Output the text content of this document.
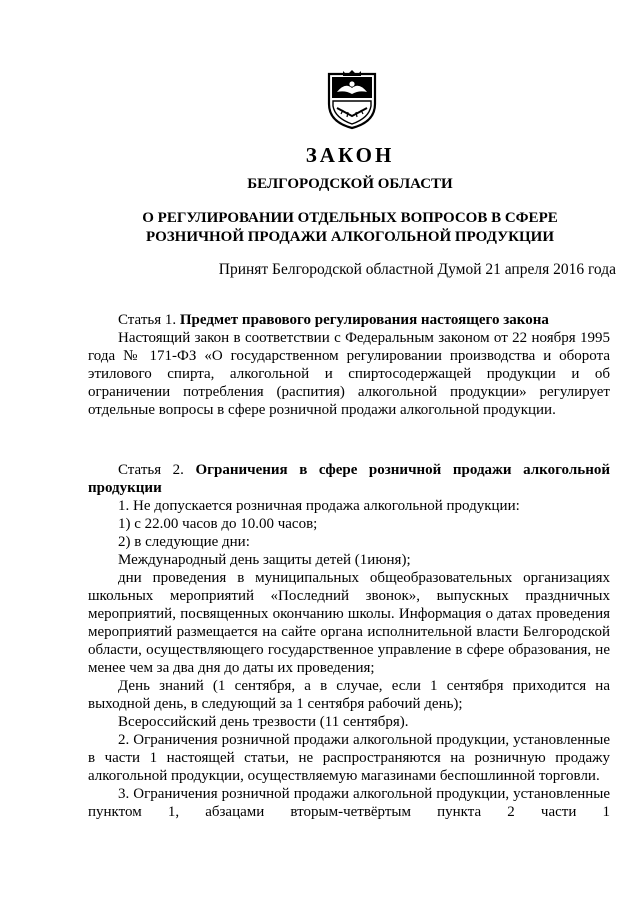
ЗАКОН
БЕЛГОРОДСКОЙ ОБЛАСТИ
О РЕГУЛИРОВАНИИ ОТДЕЛЬНЫХ ВОПРОСОВ В СФЕРЕ
РОЗНИЧНОЙ ПРОДАЖИ АЛКОГОЛЬНОЙ ПРОДУКЦИИ
Принят Белгородской областной Думой 21 апреля 2016 года
Статья 1. Предмет правового регулирования настоящего закона
Настоящий закон в соответствии с Федеральным законом от 22 ноября 1995 года № 171-ФЗ «О государственном регулировании производства и оборота этилового спирта, алкогольной и спиртосодержащей продукции и об ограничении потребления (распития) алкогольной продукции» регулирует отдельные вопросы в сфере розничной продажи алкогольной продукции.
Статья 2. Ограничения в сфере розничной продажи алкогольной продукции
1. Не допускается розничная продажа алкогольной продукции:
1) с 22.00 часов до 10.00 часов;
2) в следующие дни:
Международный день защиты детей (1июня);
дни проведения в муниципальных общеобразовательных организациях школьных мероприятий «Последний звонок», выпускных праздничных мероприятий, посвященных окончанию школы. Информация о датах проведения мероприятий размещается на сайте органа исполнительной власти Белгородской области, осуществляющего государственное управление в сфере образования, не менее чем за два дня до даты их проведения;
День знаний (1 сентября, а в случае, если 1 сентября приходится на выходной день, в следующий за 1 сентября рабочий день);
Всероссийский день трезвости (11 сентября).
2. Ограничения розничной продажи алкогольной продукции, установленные в части 1 настоящей статьи, не распространяются на розничную продажу алкогольной продукции, осуществляемую магазинами беспошлинной торговли.
3. Ограничения розничной продажи алкогольной продукции, установленные пунктом 1, абзацами вторым-четвёртым пункта 2 части 1
